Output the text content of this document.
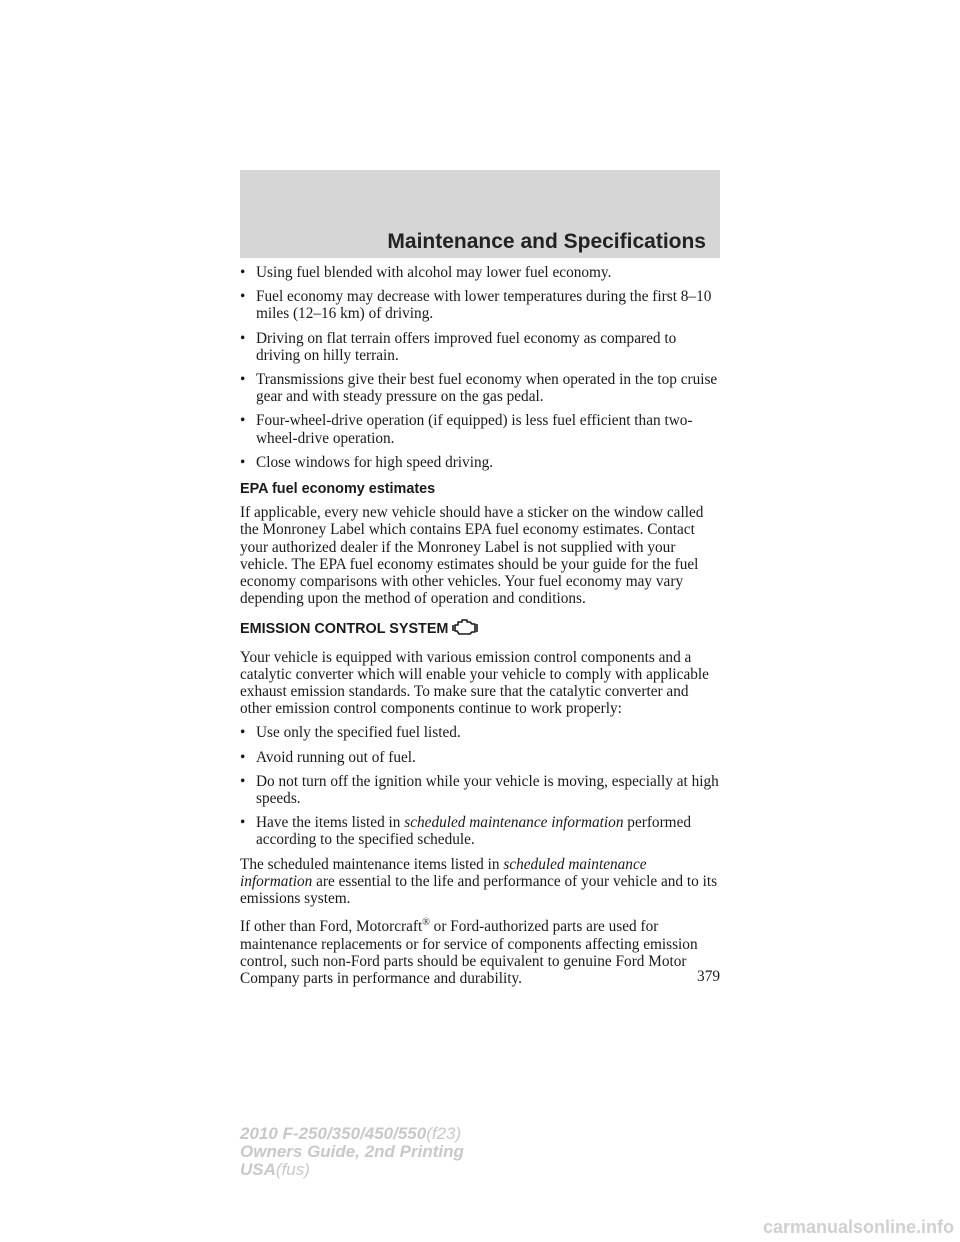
Maintenance and Specifications
• Using fuel blended with alcohol may lower fuel economy.
• Fuel economy may decrease with lower temperatures during the first 8–10 miles (12–16 km) of driving.
• Driving on flat terrain offers improved fuel economy as compared to driving on hilly terrain.
• Transmissions give their best fuel economy when operated in the top cruise gear and with steady pressure on the gas pedal.
• Four-wheel-drive operation (if equipped) is less fuel efficient than two-wheel-drive operation.
• Close windows for high speed driving.
EPA fuel economy estimates

If applicable, every new vehicle should have a sticker on the window called the Monroney Label which contains EPA fuel economy estimates. Contact your authorized dealer if the Monroney Label is not supplied with your vehicle. The EPA fuel economy estimates should be your guide for the fuel economy comparisons with other vehicles. Your fuel economy may vary depending upon the method of operation and conditions.

EMISSION CONTROL SYSTEM

Your vehicle is equipped with various emission control components and a catalytic converter which will enable your vehicle to comply with applicable exhaust emission standards. To make sure that the catalytic converter and other emission control components continue to work properly:

• Use only the specified fuel listed.
• Avoid running out of fuel.
• Do not turn off the ignition while your vehicle is moving, especially at high speeds.
• Have the items listed in scheduled maintenance information performed according to the specified schedule.

The scheduled maintenance items listed in scheduled maintenance information are essential to the life and performance of your vehicle and to its emissions system.

If other than Ford, Motorcraft® or Ford-authorized parts are used for maintenance replacements or for service of components affecting emission control, such non-Ford parts should be equivalent to genuine Ford Motor Company parts in performance and durability.	379
2010 F-250/350/450/550(f23)
Owners Guide, 2nd Printing
USA(fus)
carmanualsonline.info
